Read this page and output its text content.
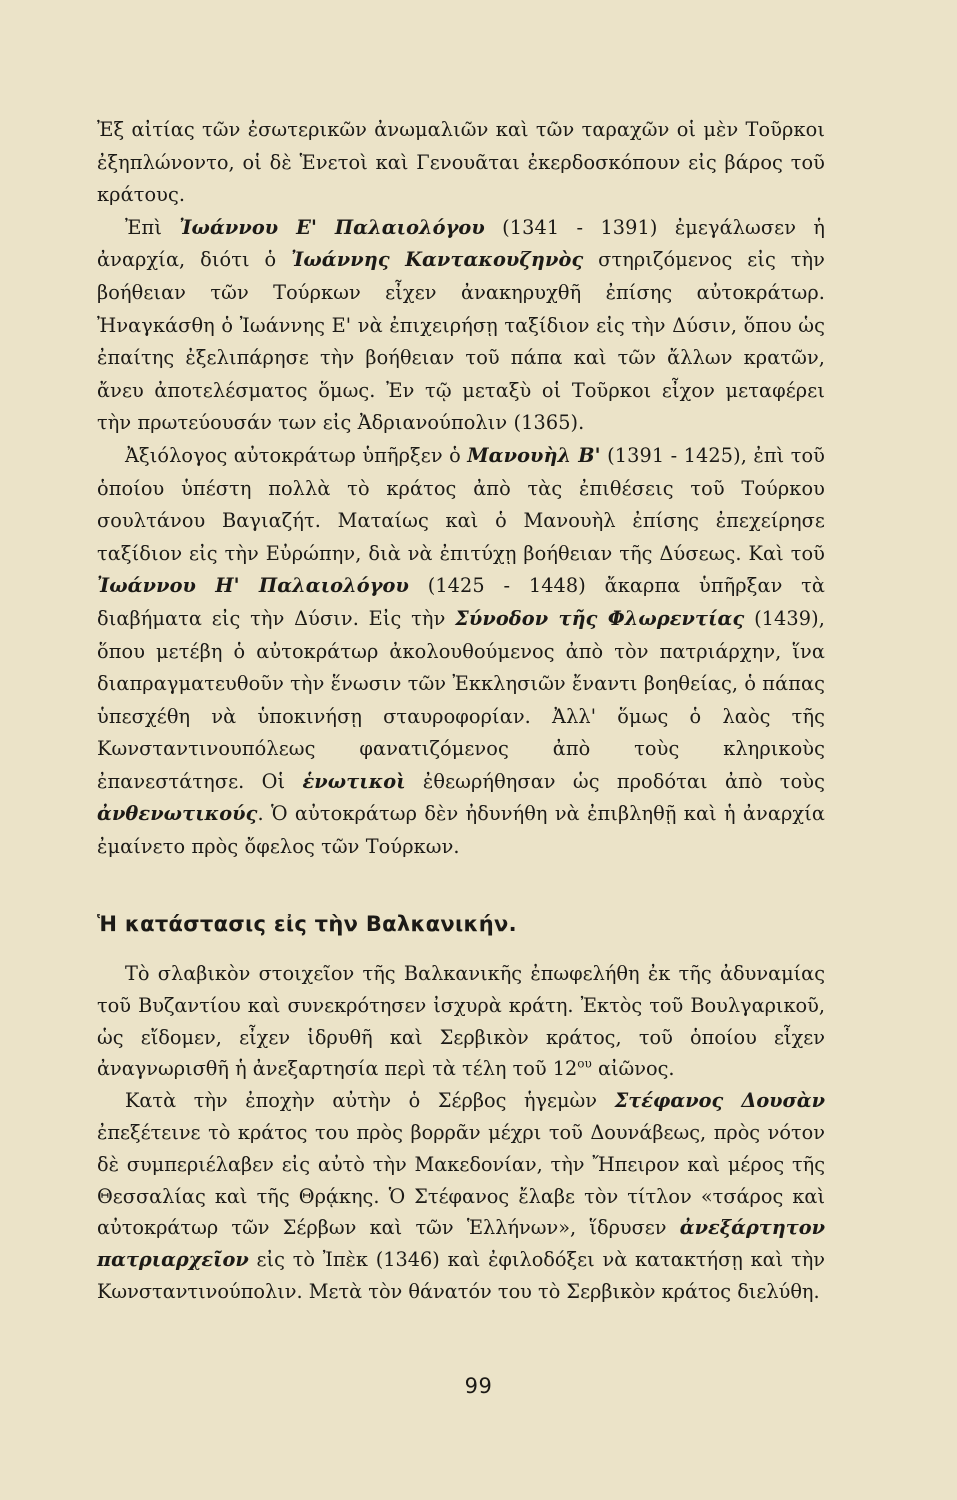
Ἐξ αἰτίας τῶν ἐσωτερικῶν ἀνωμαλιῶν καὶ τῶν ταραχῶν οἱ μὲν Τοῦρκοι ἐξηπλώνοντο, οἱ δὲ Ἑνετοὶ καὶ Γενουᾶται ἐκερδοσκόπουν εἰς βάρος τοῦ κράτους.

Ἐπὶ Ἰωάννου Ε' Παλαιολόγου (1341 - 1391) ἐμεγάλωσεν ἡ ἀναρχία, διότι ὁ Ἰωάννης Καντακουζηνὸς στηριζόμενος εἰς τὴν βοήθειαν τῶν Τούρκων εἶχεν ἀνακηρυχθῆ ἐπίσης αὐτοκράτωρ. Ἠναγκάσθη ὁ Ἰωάννης Ε' νὰ ἐπιχειρήσῃ ταξίδιον εἰς τὴν Δύσιν, ὅπου ὡς ἐπαίτης ἐξελιπάρησε τὴν βοήθειαν τοῦ πάπα καὶ τῶν ἄλλων κρατῶν, ἄνευ ἀποτελέσματος ὅμως. Ἐν τῷ μεταξὺ οἱ Τοῦρκοι εἶχον μεταφέρει τὴν πρωτεύουσάν των εἰς Ἀδριανούπολιν (1365).

Ἀξιόλογος αὐτοκράτωρ ὑπῆρξεν ὁ Μανουὴλ Β' (1391 - 1425), ἐπὶ τοῦ ὁποίου ὑπέστη πολλὰ τὸ κράτος ἀπὸ τὰς ἐπιθέσεις τοῦ Τούρκου σουλτάνου Βαγιαζήτ. Ματαίως καὶ ὁ Μανουὴλ ἐπίσης ἐπεχείρησε ταξίδιον εἰς τὴν Εὐρώπην, διὰ νὰ ἐπιτύχῃ βοήθειαν τῆς Δύσεως. Καὶ τοῦ Ἰωάννου Η' Παλαιολόγου (1425 - 1448) ἄκαρπα ὑπῆρξαν τὰ διαβήματα εἰς τὴν Δύσιν. Εἰς τὴν Σύνοδον τῆς Φλωρεντίας (1439), ὅπου μετέβη ὁ αὐτοκράτωρ ἀκολουθούμενος ἀπὸ τὸν πατριάρχην, ἵνα διαπραγματευθοῦν τὴν ἕνωσιν τῶν Ἐκκλησιῶν ἔναντι βοηθείας, ὁ πάπας ὑπεσχέθη νὰ ὑποκινήσῃ σταυροφορίαν. Ἀλλ' ὅμως ὁ λαὸς τῆς Κωνσταντινουπόλεως φανατιζόμενος ἀπὸ τοὺς κληρικοὺς ἐπανεστάτησε. Οἱ ἑνωτικοὶ ἐθεωρήθησαν ὡς προδόται ἀπὸ τοὺς ἀνθενωτικούς. Ὁ αὐτοκράτωρ δὲν ἠδυνήθη νὰ ἐπιβληθῇ καὶ ἡ ἀναρχία ἐμαίνετο πρὸς ὄφελος τῶν Τούρκων.

Ἡ κατάστασις εἰς τὴν Βαλκανικήν.

Τὸ σλαβικὸν στοιχεῖον τῆς Βαλκανικῆς ἐπωφελήθη ἐκ τῆς ἀδυναμίας τοῦ Βυζαντίου καὶ συνεκρότησεν ἰσχυρὰ κράτη. Ἐκτὸς τοῦ Βουλγαρικοῦ, ὡς εἴδομεν, εἶχεν ἱδρυθῆ καὶ Σερβικὸν κράτος, τοῦ ὁποίου εἶχεν ἀναγνωρισθῆ ἡ ἀνεξαρτησία περὶ τὰ τέλη τοῦ $12^{o\upsilon}$ αἰῶνος.

Κατὰ τὴν ἐποχὴν αὐτὴν ὁ Σέρβος ἡγεμὼν Στέφανος Δουσὰν ἐπεξέτεινε τὸ κράτος του πρὸς βορρᾶν μέχρι τοῦ Δουνάβεως, πρὸς νότον δὲ συμπεριέλαβεν εἰς αὐτὸ τὴν Μακεδονίαν, τὴν Ἤπειρον καὶ μέρος τῆς Θεσσαλίας καὶ τῆς Θρᾴκης. Ὁ Στέφανος ἔλαβε τὸν τίτλον «τσάρος καὶ αὐτοκράτωρ τῶν Σέρβων καὶ τῶν Ἑλλήνων», ἵδρυσεν ἀνεξάρτητον πατριαρχεῖον εἰς τὸ Ἰπὲκ (1346) καὶ ἐφιλοδόξει νὰ κατακτήσῃ καὶ τὴν Κωνσταντινούπολιν. Μετὰ τὸν θάνατόν του τὸ Σερβικὸν κράτος διελύθη.

99
